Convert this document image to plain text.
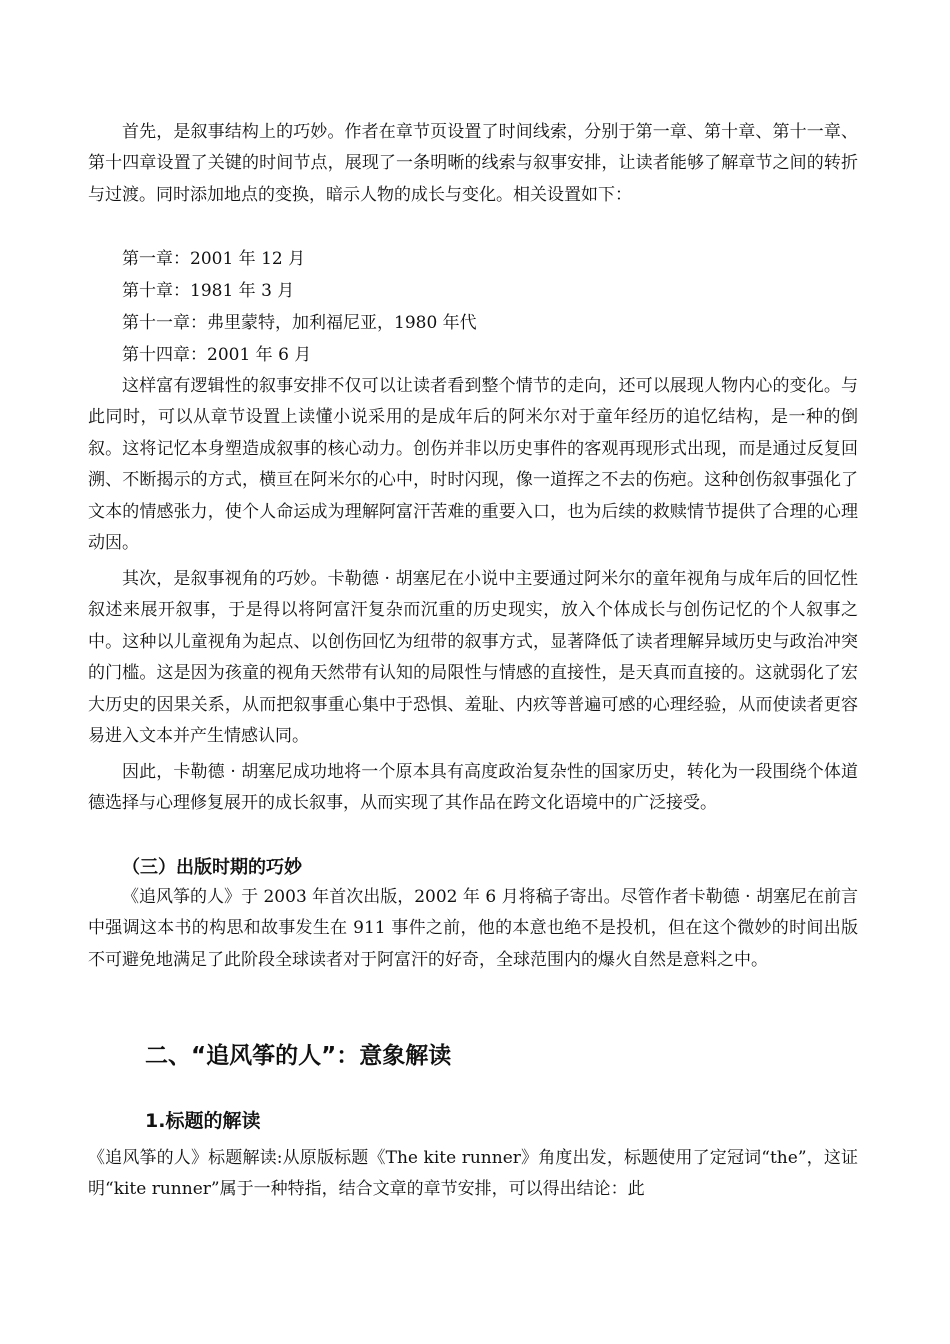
首先，是叙事结构上的巧妙。作者在章节页设置了时间线索，分别于第一章、第十章、第十一章、第十四章设置了关键的时间节点，展现了一条明晰的线索与叙事安排，让读者能够了解章节之间的转折与过渡。同时添加地点的变换，暗示人物的成长与变化。相关设置如下：

第一章：2001 年 12 月

第十章：1981 年 3 月

第十一章：弗里蒙特，加利福尼亚，1980 年代

第十四章：2001 年 6 月

这样富有逻辑性的叙事安排不仅可以让读者看到整个情节的走向，还可以展现人物内心的变化。与此同时，可以从章节设置上读懂小说采用的是成年后的阿米尔对于童年经历的追忆结构，是一种的倒叙。这将记忆本身塑造成叙事的核心动力。创伤并非以历史事件的客观再现形式出现，而是通过反复回溯、不断揭示的方式，横亘在阿米尔的心中，时时闪现，像一道挥之不去的伤疤。这种创伤叙事强化了文本的情感张力，使个人命运成为理解阿富汗苦难的重要入口，也为后续的救赎情节提供了合理的心理动因。

其次，是叙事视角的巧妙。卡勒德 · 胡塞尼在小说中主要通过阿米尔的童年视角与成年后的回忆性叙述来展开叙事，于是得以将阿富汗复杂而沉重的历史现实，放入个体成长与创伤记忆的个人叙事之中。这种以儿童视角为起点、以创伤回忆为纽带的叙事方式，显著降低了读者理解异域历史与政治冲突的门槛。这是因为孩童的视角天然带有认知的局限性与情感的直接性，是天真而直接的。这就弱化了宏大历史的因果关系，从而把叙事重心集中于恐惧、羞耻、内疚等普遍可感的心理经验，从而使读者更容易进入文本并产生情感认同。

因此，卡勒德 · 胡塞尼成功地将一个原本具有高度政治复杂性的国家历史，转化为一段围绕个体道德选择与心理修复展开的成长叙事，从而实现了其作品在跨文化语境中的广泛接受。

（三）出版时期的巧妙

《追风筝的人》于 2003 年首次出版，2002 年 6 月将稿子寄出。尽管作者卡勒德 · 胡塞尼在前言中强调这本书的构思和故事发生在 911 事件之前，他的本意也绝不是投机，但在这个微妙的时间出版不可避免地满足了此阶段全球读者对于阿富汗的好奇，全球范围内的爆火自然是意料之中。

二、“追风筝的人”：意象解读
1.标题的解读

《追风筝的人》标题解读:从原版标题《The kite runner》角度出发，标题使用了定冠词“the”，这证明“kite runner”属于一种特指，结合文章的章节安排，可以得出结论：此
